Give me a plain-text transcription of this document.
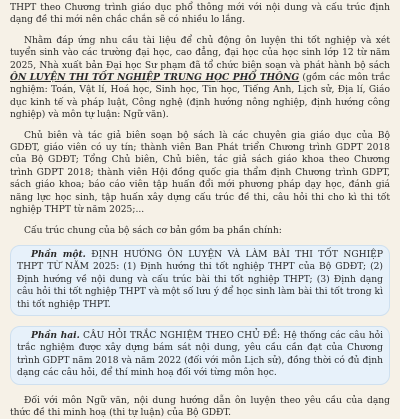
THPT theo Chương trình giáo dục phổ thông mới với nội dung và cấu trúc định dạng đề thi mới nên chắc chắn sẽ có nhiều lo lắng.

Nhằm đáp ứng nhu cầu tài liệu để chủ động ôn luyện thi tốt nghiệp và xét tuyển sinh vào các trường đại học, cao đẳng, đại học của học sinh lớp 12 từ năm 2025, Nhà xuất bản Đại học Sư phạm đã tổ chức biên soạn và phát hành bộ sách ÔN LUYỆN THI TỐT NGHIỆP TRUNG HỌC PHỔ THÔNG (gồm các môn trắc nghiệm: Toán, Vật lí, Hoá học, Sinh học, Tin học, Tiếng Anh, Lịch sử, Địa lí, Giáo dục kinh tế và pháp luật, Công nghệ (định hướng nông nghiệp, định hướng công nghiệp) và môn tự luận: Ngữ văn).

Chủ biên và tác giả biên soạn bộ sách là các chuyên gia giáo dục của Bộ GDĐT, giáo viên có uy tín; thành viên Ban Phát triển Chương trình GDPT 2018 của Bộ GDĐT; Tổng Chủ biên, Chủ biên, tác giả sách giáo khoa theo Chương trình GDPT 2018; thành viên Hội đồng quốc gia thẩm định Chương trình GDPT, sách giáo khoa; báo cáo viên tập huấn đổi mới phương pháp dạy học, đánh giá năng lực học sinh, tập huấn xây dựng cấu trúc đề thi, câu hỏi thi cho kì thi tốt nghiệp THPT từ năm 2025;...

Cấu trúc chung của bộ sách cơ bản gồm ba phần chính:

Phần một. ĐỊNH HƯỚNG ÔN LUYỆN VÀ LÀM BÀI THI TỐT NGHIỆP THPT TỪ NĂM 2025: (1) Định hướng thi tốt nghiệp THPT của Bộ GDĐT; (2) Định hướng về nội dung và cấu trúc bài thi tốt nghiệp THPT; (3) Định dạng câu hỏi thi tốt nghiệp THPT và một số lưu ý để học sinh làm bài thi tốt trong kì thi tốt nghiệp THPT.

Phần hai. CÂU HỎI TRẮC NGHIỆM THEO CHỦ ĐỀ: Hệ thống các câu hỏi trắc nghiệm được xây dựng bám sát nội dung, yêu cầu cần đạt của Chương trình GDPT năm 2018 và năm 2022 (đối với môn Lịch sử), đồng thời có đủ định dạng các câu hỏi, để thí minh hoạ đối với từng môn học.

Đối với môn Ngữ văn, nội dung hướng dẫn ôn luyện theo yêu cầu của dạng thức đề thi minh hoạ (thi tự luận) của Bộ GDĐT.
